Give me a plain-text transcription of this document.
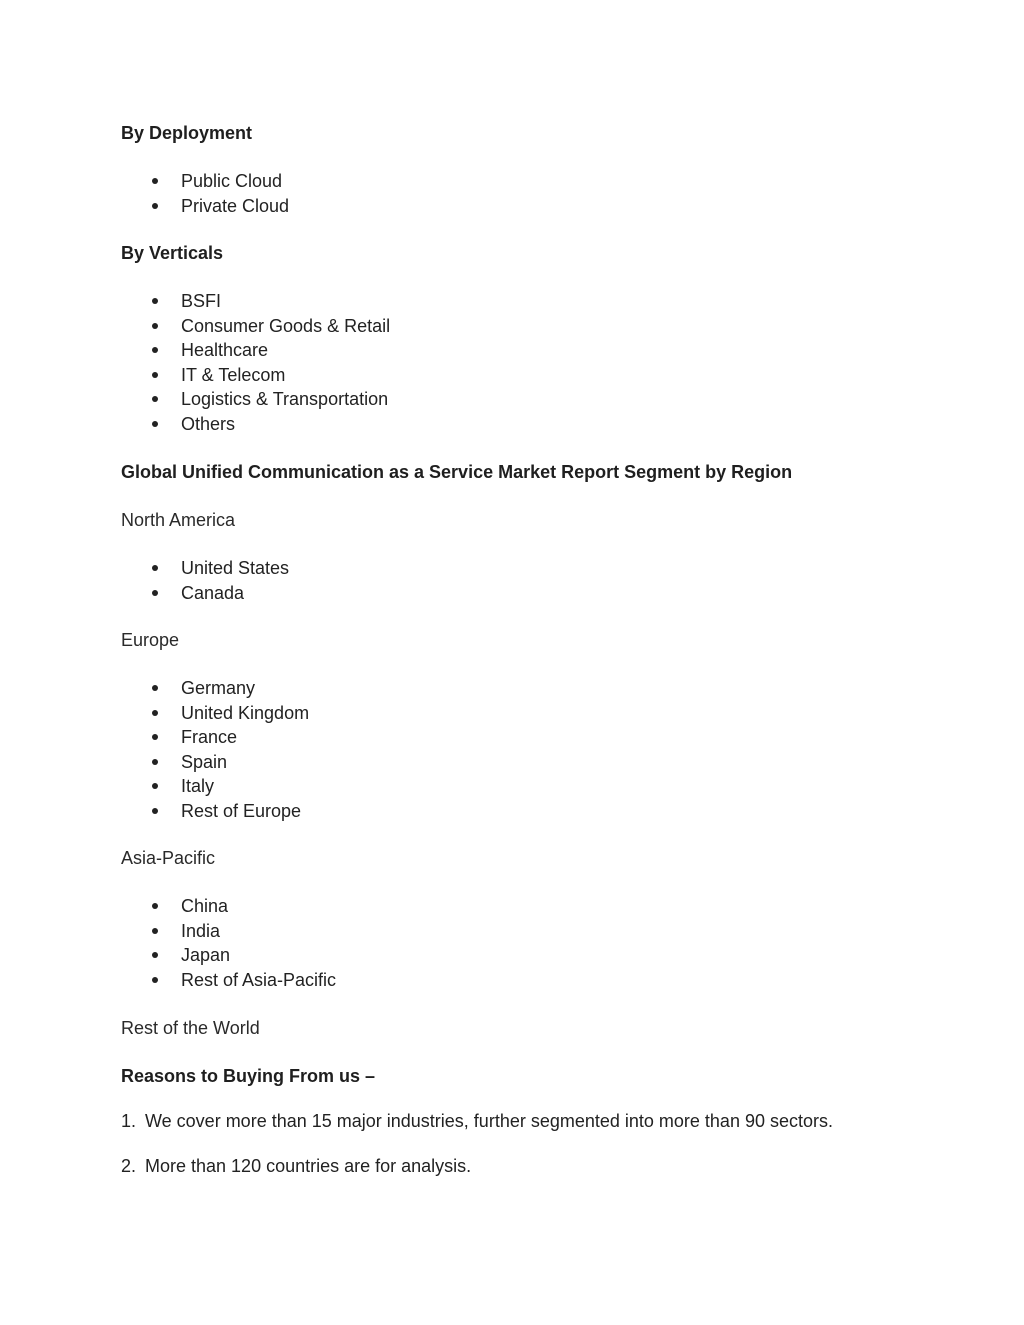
By Deployment
Public Cloud
Private Cloud
By Verticals
BSFI
Consumer Goods & Retail
Healthcare
IT & Telecom
Logistics & Transportation
Others
Global Unified Communication as a Service Market Report Segment by Region
North America
United States
Canada
Europe
Germany
United Kingdom
France
Spain
Italy
Rest of Europe
Asia-Pacific
China
India
Japan
Rest of Asia-Pacific
Rest of the World
Reasons to Buying From us –
1. We cover more than 15 major industries, further segmented into more than 90 sectors.
2. More than 120 countries are for analysis.
